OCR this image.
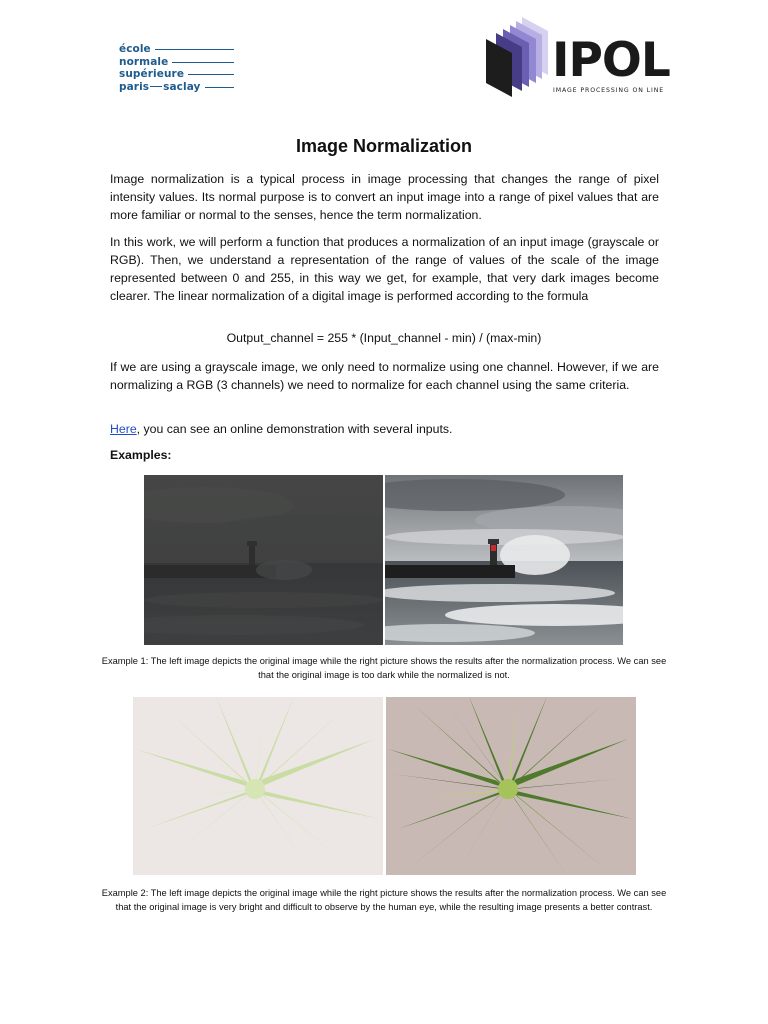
école
normale
supérieure
paris saclay	IPOL
IMAGE PROCESSING ON LINE
Image Normalization
Image normalization is a typical process in image processing that changes the range of pixel intensity values. Its normal purpose is to convert an input image into a range of pixel values that are more familiar or normal to the senses, hence the term normalization.
In this work, we will perform a function that produces a normalization of an input image (grayscale or RGB). Then, we understand a representation of the range of values of the scale of the image represented between 0 and 255, in this way we get, for example, that very dark images become clearer. The linear normalization of a digital image is performed according to the formula
Output_channel = 255 * (Input_channel - min) / (max-min)
If we are using a grayscale image, we only need to normalize using one channel. However, if we are normalizing a RGB (3 channels) we need to normalize for each channel using the same criteria.
Here, you can see an online demonstration with several inputs.
Examples:
Example 1: The left image depicts the original image while the right picture shows the results after the normalization process. We can see that the original image is too dark while the normalized is not.
Example 2: The left image depicts the original image while the right picture shows the results after the normalization process. We can see that the original image is very bright and difficult to observe by the human eye, while the resulting image presents a better contrast.
